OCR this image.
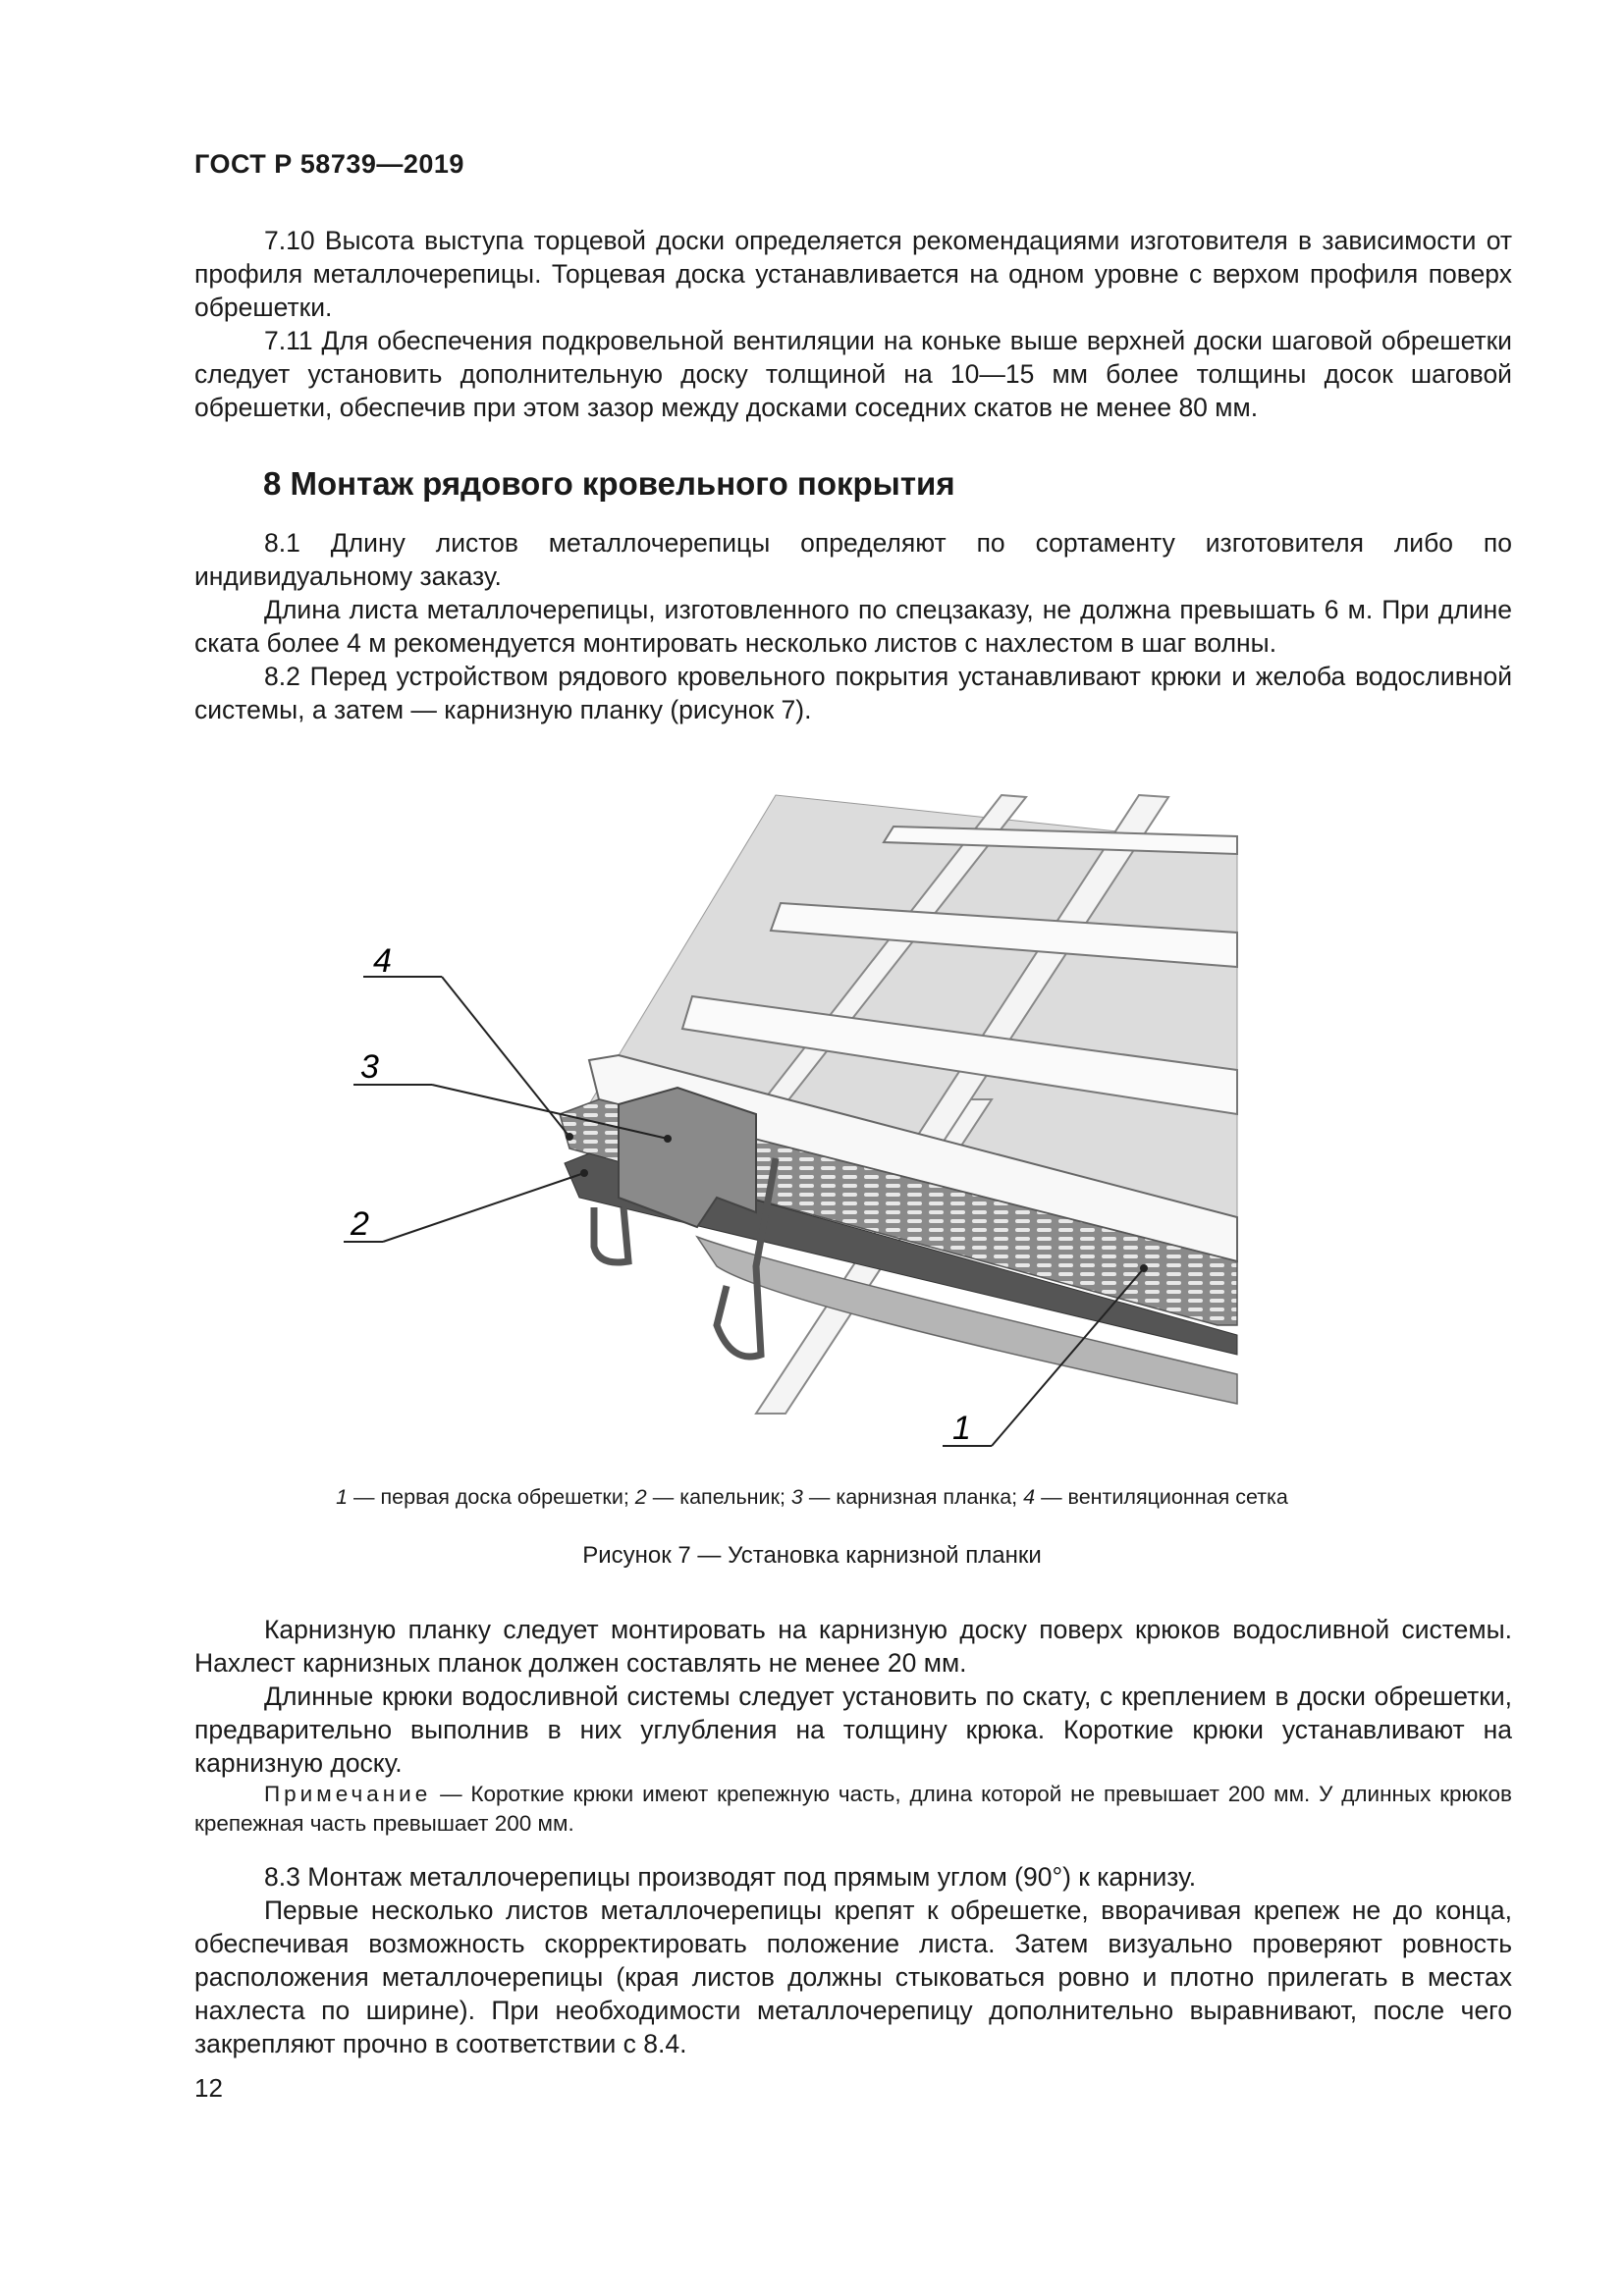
ГОСТ Р 58739—2019

7.10 Высота выступа торцевой доски определяется рекомендациями изготовителя в зависимости от профиля металлочерепицы. Торцевая доска устанавливается на одном уровне с верхом профиля поверх обрешетки.

7.11 Для обеспечения подкровельной вентиляции на коньке выше верхней доски шаговой обрешетки следует установить дополнительную доску толщиной на 10—15 мм более толщины досок шаговой обрешетки, обеспечив при этом зазор между досками соседних скатов не менее 80 мм.

8 Монтаж рядового кровельного покрытия

8.1 Длину листов металлочерепицы определяют по сортаменту изготовителя либо по индивидуальному заказу.

Длина листа металлочерепицы, изготовленного по спецзаказу, не должна превышать 6 м. При длине ската более 4 м рекомендуется монтировать несколько листов с нахлестом в шаг волны.

8.2 Перед устройством рядового кровельного покрытия устанавливают крюки и желоба водосливной системы, а затем — карнизную планку (рисунок 7).

4
3
2
1
1 — первая доска обрешетки; 2 — капельник; 3 — карнизная планка; 4 — вентиляционная сетка
Рисунок 7 — Установка карнизной планки

Карнизную планку следует монтировать на карнизную доску поверх крюков водосливной системы. Нахлест карнизных планок должен составлять не менее 20 мм.

Длинные крюки водосливной системы следует установить по скату, с креплением в доски обрешетки, предварительно выполнив в них углубления на толщину крюка. Короткие крюки устанавливают на карнизную доску.

Примечание — Короткие крюки имеют крепежную часть, длина которой не превышает 200 мм. У длинных крюков крепежная часть превышает 200 мм.

8.3 Монтаж металлочерепицы производят под прямым углом (90°) к карнизу.

Первые несколько листов металлочерепицы крепят к обрешетке, вворачивая крепеж не до конца, обеспечивая возможность скорректировать положение листа. Затем визуально проверяют ровность расположения металлочерепицы (края листов должны стыковаться ровно и плотно прилегать в местах нахлеста по ширине). При необходимости металлочерепицу дополнительно выравнивают, после чего закрепляют прочно в соответствии с 8.4.

12
